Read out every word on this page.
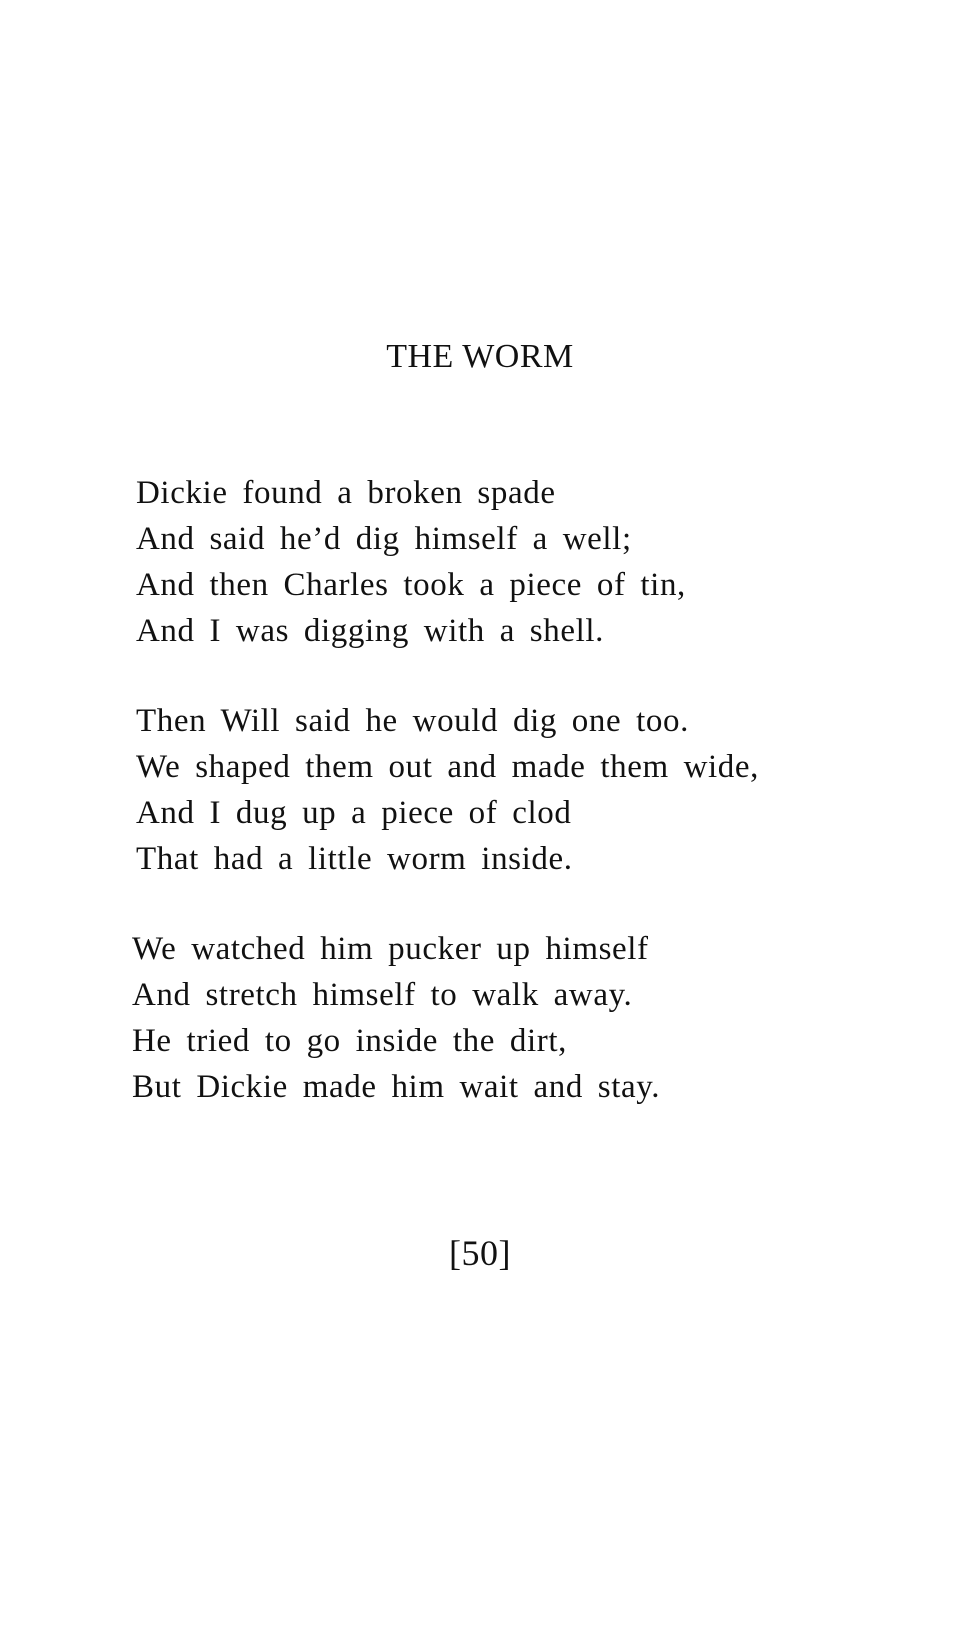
THE WORM
Dickie found a broken spade
And said he’d dig himself a well;
And then Charles took a piece of tin,
And I was digging with a shell.
Then Will said he would dig one too.
We shaped them out and made them wide,
And I dug up a piece of clod
That had a little worm inside.
We watched him pucker up himself
And stretch himself to walk away.
He tried to go inside the dirt,
But Dickie made him wait and stay.
[50]
